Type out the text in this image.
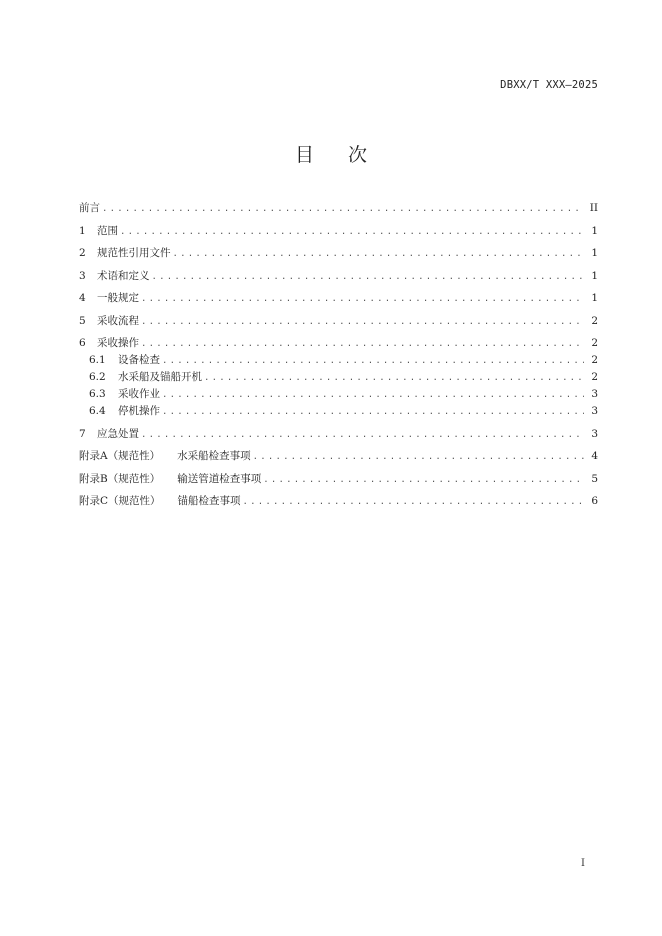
DBXX/T XXX—2025
目次
前言 .....	II
1	范围 .....	1
2	规范性引用文件 .....	1
3	术语和定义 .....	1
4	一般规定 .....	1
5	采收流程 .....	2
6	采收操作 .....	2
6.1	设备检查 .....	2
6.2	水采船及锚船开机 .....	2
6.3	采收作业 .....	3
6.4	停机操作 .....	3
7	应急处置 .....	3
附录A（规范性） 水采船检查事项 .....	4
附录B（规范性） 输送管道检查事项 .....	5
附录C（规范性） 锚船检查事项 .....	6
I
